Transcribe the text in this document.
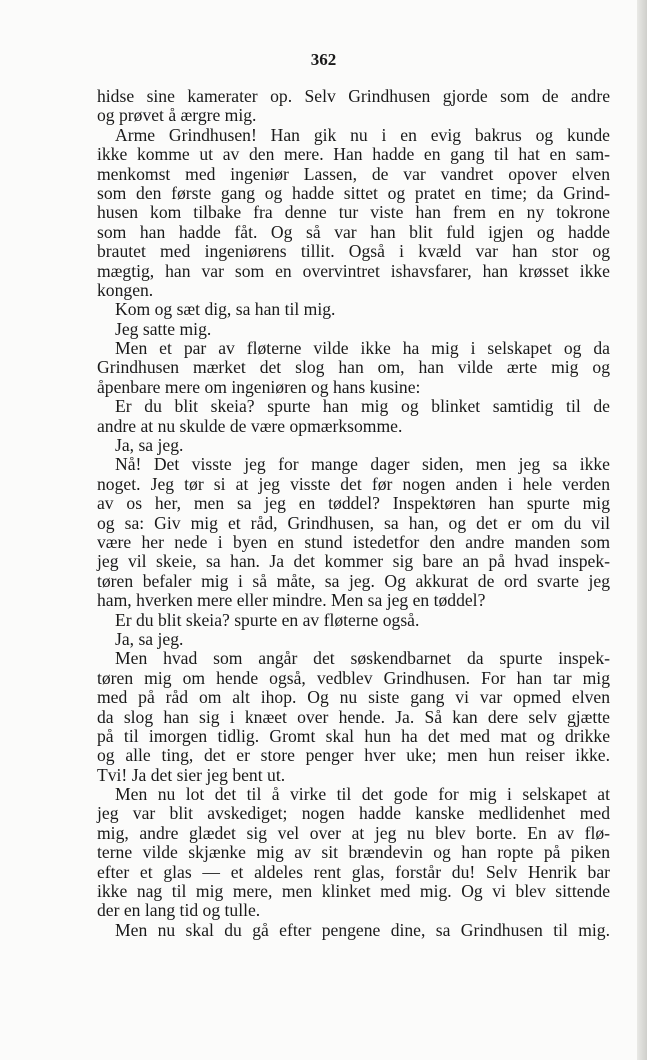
362
hidse sine kamerater op. Selv Grindhusen gjorde som de andre
og prøvet å ærgre mig.
Arme Grindhusen! Han gik nu i en evig bakrus og kunde
ikke komme ut av den mere. Han hadde en gang til hat en sam-
menkomst med ingeniør Lassen, de var vandret opover elven
som den første gang og hadde sittet og pratet en time; da Grind-
husen kom tilbake fra denne tur viste han frem en ny tokrone
som han hadde fåt. Og så var han blit fuld igjen og hadde
brautet med ingeniørens tillit. Også i kvæld var han stor og
mægtig, han var som en overvintret ishavsfarer, han krøsset ikke
kongen.
Kom og sæt dig, sa han til mig.
Jeg satte mig.
Men et par av fløterne vilde ikke ha mig i selskapet og da
Grindhusen mærket det slog han om, han vilde ærte mig og
åpenbare mere om ingeniøren og hans kusine:
Er du blit skeia? spurte han mig og blinket samtidig til de
andre at nu skulde de være opmærksomme.
Ja, sa jeg.
Nå! Det visste jeg for mange dager siden, men jeg sa ikke
noget. Jeg tør si at jeg visste det før nogen anden i hele verden
av os her, men sa jeg en tøddel? Inspektøren han spurte mig
og sa: Giv mig et råd, Grindhusen, sa han, og det er om du vil
være her nede i byen en stund istedetfor den andre manden som
jeg vil skeie, sa han. Ja det kommer sig bare an på hvad inspek-
tøren befaler mig i så måte, sa jeg. Og akkurat de ord svarte jeg
ham, hverken mere eller mindre. Men sa jeg en tøddel?
Er du blit skeia? spurte en av fløterne også.
Ja, sa jeg.
Men hvad som angår det søskendbarnet da spurte inspek-
tøren mig om hende også, vedblev Grindhusen. For han tar mig
med på råd om alt ihop. Og nu siste gang vi var opmed elven
da slog han sig i knæet over hende. Ja. Så kan dere selv gjætte
på til imorgen tidlig. Gromt skal hun ha det med mat og drikke
og alle ting, det er store penger hver uke; men hun reiser ikke.
Tvi! Ja det sier jeg bent ut.
Men nu lot det til å virke til det gode for mig i selskapet at
jeg var blit avskediget; nogen hadde kanske medlidenhet med
mig, andre glædet sig vel over at jeg nu blev borte. En av flø-
terne vilde skjænke mig av sit brændevin og han ropte på piken
efter et glas — et aldeles rent glas, forstår du! Selv Henrik bar
ikke nag til mig mere, men klinket med mig. Og vi blev sittende
der en lang tid og tulle.
Men nu skal du gå efter pengene dine, sa Grindhusen til mig.
